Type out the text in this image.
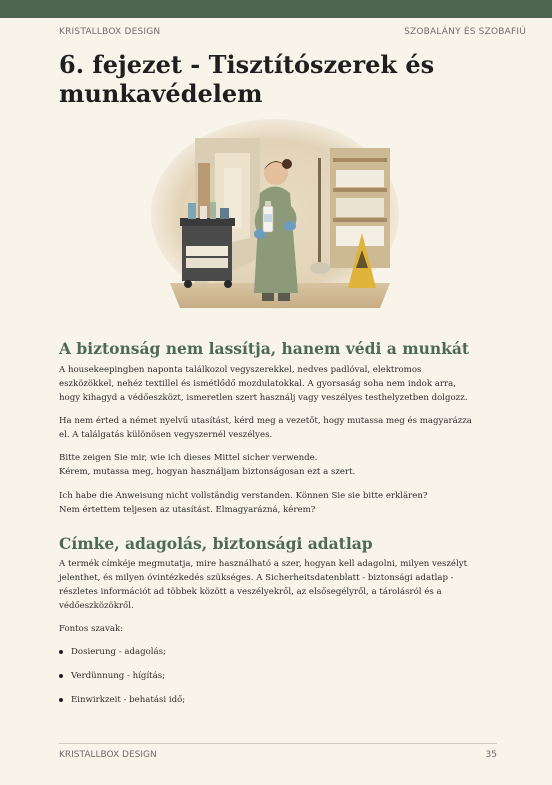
KRISTALLBOX DESIGN	SZOBALÁNY ÉS SZOBAFIÚ
6. fejezet - Tisztítószerek és
munkavédelem
A biztonság nem lassítja, hanem védi a munkát

A housekeepingben naponta találkozol vegyszerekkel, nedves padlóval, elektromos
eszközökkel, nehéz textillel és ismétlődő mozdulatokkal. A gyorsaság soha nem indok arra,
hogy kihagyd a védőeszközt, ismeretlen szert használj vagy veszélyes testhelyzetben dolgozz.

Ha nem érted a német nyelvű utasítást, kérd meg a vezetőt, hogy mutassa meg és magyarázza
el. A találgatás különösen vegyszernél veszélyes.

Bitte zeigen Sie mir, wie ich dieses Mittel sicher verwende.
Kérem, mutassa meg, hogyan használjam biztonságosan ezt a szert.

Ich habe die Anweisung nicht vollständig verstanden. Können Sie sie bitte erklären?
Nem értettem teljesen az utasítást. Elmagyarázná, kérem?

Címke, adagolás, biztonsági adatlap

A termék címkéje megmutatja, mire használható a szer, hogyan kell adagolni, milyen veszélyt
jelenthet, és milyen óvintézkedés szükséges. A Sicherheitsdatenblatt - biztonsági adatlap -
részletes információt ad többek között a veszélyekről, az elsősegélyről, a tárolásról és a
védőeszközökről.

Fontos szavak:

Dosierung - adagolás;
Verdünnung - hígítás;
Einwirkzeit - behatási idő;
KRISTALLBOX DESIGN	35
